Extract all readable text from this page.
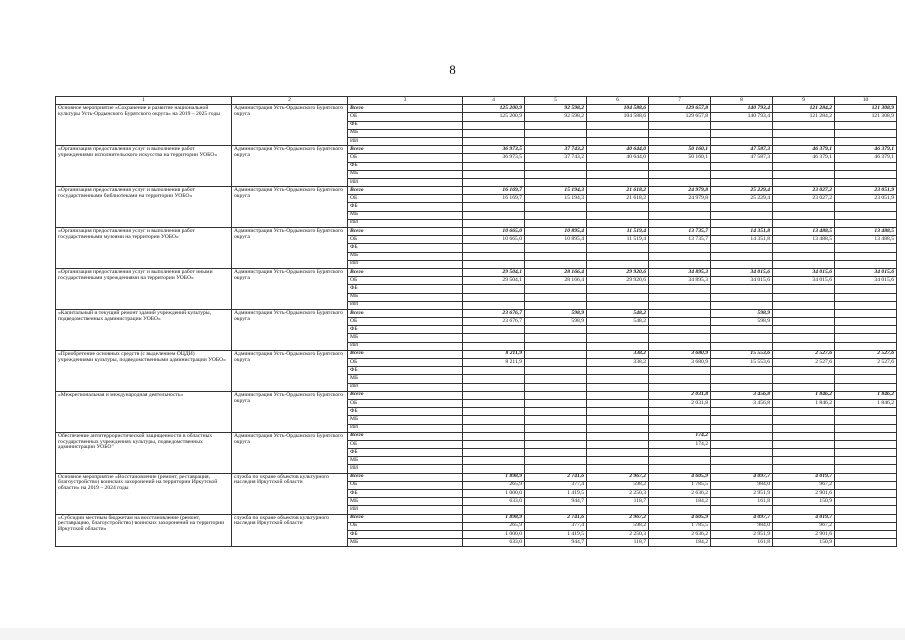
8
1	2	3	4	5	6	7	8	9	10
Основное мероприятие «Сохранение и развитие национальной культуры Усть-Ордынского Бурятского округа» на 2019 – 2025 годы	Администрация Усть-Ордынского Бурятского округа	Всего	125 200,9	92 598,2	104 588,6	129 657,8	140 793,4	121 284,2	121 308,9
		ОБ	125 200,9	92 598,2	104 588,6	129 657,8	140 793,4	121 284,2	121 308,9
		ФБ							
		МБ							
		ИИ							
«Организация предоставления услуг и выполнение работ учреждениями исполнительского искусства на территории УОБО»	Администрация Усть-Ордынского Бурятского округа	Всего	36 973,5	37 743,2	40 644,0	50 160,1	47 587,3	46 379,1	46 379,1
		ОБ	36 973,5	37 743,2	40 644,0	50 160,1	47 587,3	46 379,1	46 379,1
		ФБ							
		МБ							
		ИИ							
«Организация предоставления услуг и выполнения работ государственными библиотеками на территории УОБО»	Администрация Усть-Ордынского Бурятского округа	Всего	16 169,7	15 194,3	21 618,2	24 979,8	25 229,4	23 027,2	23 051,9
		ОБ	16 169,7	15 194,3	21 618,2	24 979,8	25 229,4	23 027,2	23 051,9
		ФБ							
		МБ							
		ИИ							
«Организация предоставления услуг и выполнения работ государственными музеями на территории УОБО»	Администрация Усть-Ордынского Бурятского округа	Всего	10 665,0	10 895,4	11 519,4	13 735,7	14 351,8	13 488,5	13 488,5
		ОБ	10 665,0	10 895,4	11 519,4	13 735,7	14 351,8	13 488,5	13 488,5
		ФБ							
		МБ							
		ИИ							
«Организация предоставления услуг и выполнения работ иными государственными учреждениями на территории УОБО»	Администрация Усть-Ордынского Бурятского округа	Всего	29 504,1	28 166,4	29 920,6	34 895,3	34 015,6	34 015,6	34 015,6
		ОБ	29 504,1	28 166,4	29 920,6	34 895,3	34 015,6	34 015,6	34 015,6
		ФБ							
		МБ							
		ИИ							
«Капитальный и текущий ремонт зданий учреждений культуры, подведомственных администрации УОБО»	Администрация Усть-Ордынского Бурятского округа	Всего	23 676,7	598,9	548,2		598,9		
		ОБ	23 676,7	598,9	548,2		598,9		
		ФБ							
		МБ							
		ИИ							
«Приобретение основных средств (с выделением ОЦДИ) учреждениями культуры, подведомственными администрации УОБО»	Администрация Усть-Ордынского Бурятского округа	Всего	8 211,9		338,2	3 680,9	15 553,6	2 527,6	2 527,6
		ОБ	8 211,9		338,2	3 680,9	15 553,6	2 527,6	2 527,6
		ФБ							
		МБ							
		ИИ							
«Межрегиональная и международная деятельность»	Администрация Усть-Ордынского Бурятского округа	Всего				2 031,8	3 456,8	1 846,2	1 846,2
		ОБ				2 031,8	3 456,8	1 846,2	1 846,2
		ФБ							
		МБ							
		ИИ							
Обеспечение антитеррористической защищенности в областных государственных учреждениях культуры, подведомственных администрации УОБО"	Администрация Усть-Ордынского Бурятского округа	Всего				174,2			
		ОБ				174,2			
		ФБ							
		МБ							
		ИИ							
Основное мероприятие «Восстановление (ремонт, реставрация, благоустройство) воинских захоронений на территории Иркутской области» на 2019 – 2024 годы	служба по охране объектов культурного наследия Иркутской области	Всего	1 898,9	2 741,6	2 967,2	4 605,9	4 097,7	4 019,7	
		ОБ	265,9	377,4	598,2	1 785,5	984,0	967,2	
		ФБ	1 000,0	1 419,5	2 250,3	2 636,2	2 951,9	2 901,6	
		МБ	633,0	944,7	118,7	184,2	161,8	150,9	
		ИИ							
«Субсидии местным бюджетам на восстановление (ремонт, реставрацию, благоустройство) воинских захоронений на территории Иркутской области»	служба по охране объектов культурного наследия Иркутской области	Всего	1 898,9	2 741,6	2 967,2	4 605,9	4 097,7	4 019,7	
		ОБ	265,9	377,4	598,2	1 785,5	984,0	967,2	
		ФБ	1 000,0	1 419,5	2 250,3	2 636,2	2 951,9	2 901,6	
		МБ	633,0	944,7	118,7	184,2	161,8	150,9	
